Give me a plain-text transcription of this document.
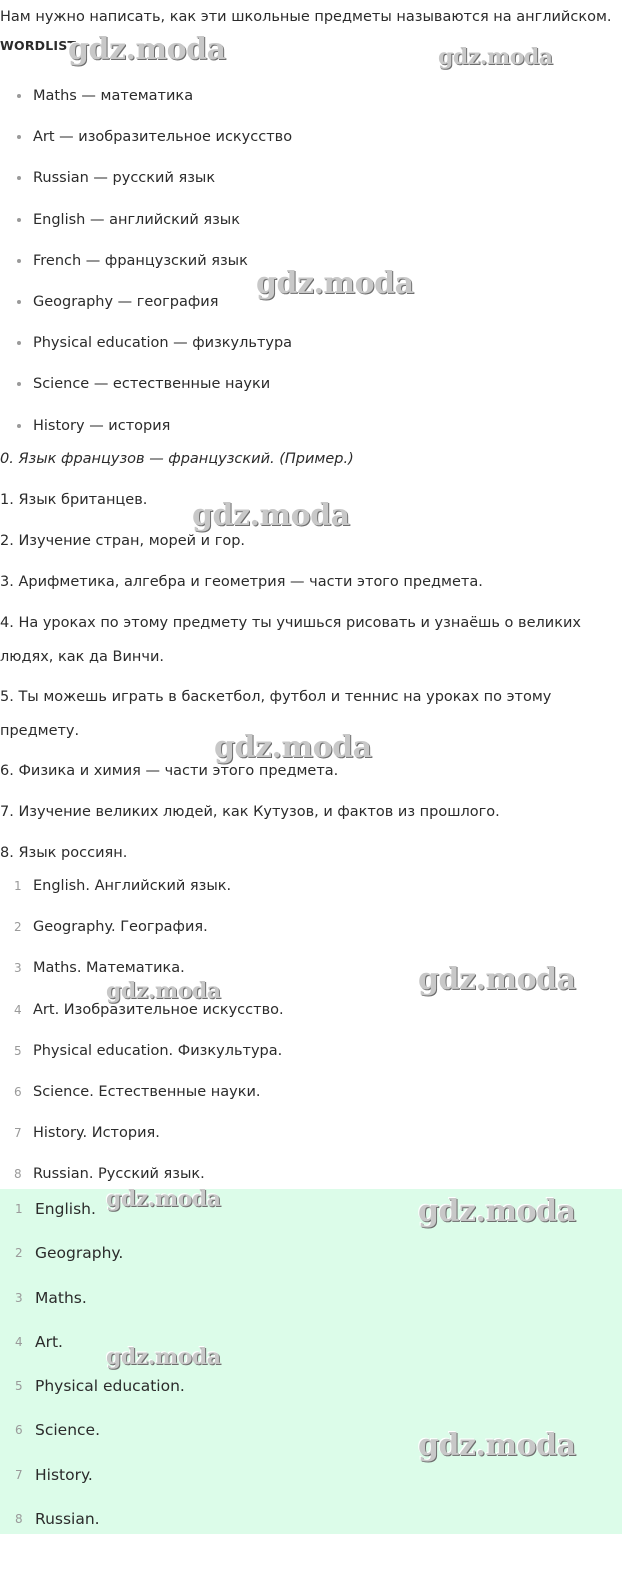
Нам нужно написать, как эти школьные предметы называются на английском.
WORDLIST
Maths — математика
Art — изобразительное искусство
Russian — русский язык
English — английский язык
French — французский язык
Geography — география
Physical education — физкультура
Science — естественные науки
History — история
0. Язык французов — французский. (Пример.)
1. Язык британцев.
2. Изучение стран, морей и гор.
3. Арифметика, алгебра и геометрия — части этого предмета.
4. На уроках по этому предмету ты учишься рисовать и узнаёшь о великих людях, как да Винчи.
5. Ты можешь играть в баскетбол, футбол и теннис на уроках по этому предмету.
6. Физика и химия — части этого предмета.
7. Изучение великих людей, как Кутузов, и фактов из прошлого.
8. Язык россиян.
1 English. Английский язык.
2 Geography. География.
3 Maths. Математика.
4 Art. Изобразительное искусство.
5 Physical education. Физкультура.
6 Science. Естественные науки.
7 History. История.
8 Russian. Русский язык.
1 English.
2 Geography.
3 Maths.
4 Art.
5 Physical education.
6 Science.
7 History.
8 Russian.
gdz.moda	gdz.moda
gdz.moda
gdz.moda
gdz.moda
gdz.moda
gdz.moda
gdz.moda	gdz.moda
gdz.moda
gdz.moda
